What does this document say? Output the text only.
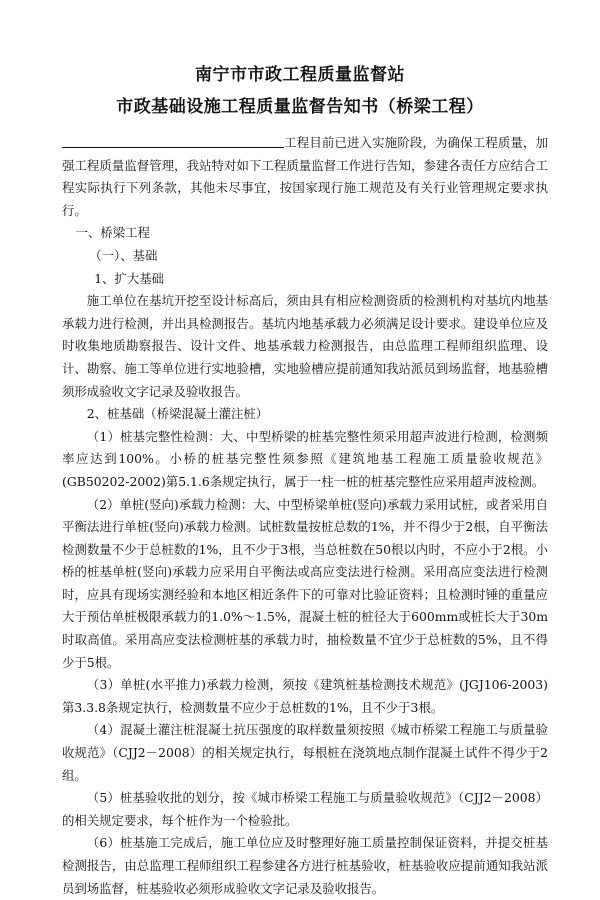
南宁市市政工程质量监督站
市政基础设施工程质量监督告知书（桥梁工程）

工程目前已进入实施阶段，为确保工程质量，加强工程质量监督管理，我站特对如下工程质量监督工作进行告知，参建各责任方应结合工程实际执行下列条款，其他未尽事宜，按国家现行施工规范及有关行业管理规定要求执行。

一、桥梁工程

（一）、基础

1、扩大基础

施工单位在基坑开挖至设计标高后，须由具有相应检测资质的检测机构对基坑内地基承载力进行检测，并出具检测报告。基坑内地基承载力必须满足设计要求。建设单位应及时收集地质勘察报告、设计文件、地基承载力检测报告，由总监理工程师组织监理、设计、勘察、施工等单位进行实地验槽，实地验槽应提前通知我站派员到场监督，地基验槽须形成验收文字记录及验收报告。

2、桩基础（桥梁混凝土灌注桩）

（1）桩基完整性检测：大、中型桥梁的桩基完整性须采用超声波进行检测，检测频率应达到100%。小桥的桩基完整性须参照《建筑地基工程施工质量验收规范》(GB50202-2002)第5.1.6条规定执行，属于一柱一桩的桩基完整性应采用超声波检测。

（2）单桩(竖向)承载力检测：大、中型桥梁单桩(竖向)承载力采用试桩，或者采用自平衡法进行单桩(竖向)承载力检测。试桩数量按桩总数的1%，并不得少于2根，自平衡法检测数量不少于总桩数的1%，且不少于3根，当总桩数在50根以内时，不应小于2根。小桥的桩基单桩(竖向)承载力应采用自平衡法或高应变法进行检测。采用高应变法进行检测时，应具有现场实测经验和本地区相近条件下的可靠对比验证资料；且检测时锤的重量应大于预估单桩极限承载力的1.0%～1.5%，混凝土桩的桩径大于600mm或桩长大于30m时取高值。采用高应变法检测桩基的承载力时，抽检数量不宜少于总桩数的5%，且不得少于5根。

（3）单桩(水平推力)承载力检测，须按《建筑桩基检测技术规范》(JGJ106-2003)第3.3.8条规定执行，检测数量不应少于总桩数的1%，且不少于3根。

（4）混凝土灌注桩混凝土抗压强度的取样数量须按照《城市桥梁工程施工与质量验收规范》（CJJ2－2008）的相关规定执行，每根桩在浇筑地点制作混凝土试件不得少于2组。

（5）桩基验收批的划分，按《城市桥梁工程施工与质量验收规范》（CJJ2－2008）的相关规定要求，每个桩作为一个检验批。

（6）桩基施工完成后，施工单位应及时整理好施工质量控制保证资料，并提交桩基检测报告，由总监理工程师组织工程参建各方进行桩基验收，桩基验收应提前通知我站派员到场监督，桩基验收必须形成验收文字记录及验收报告。
